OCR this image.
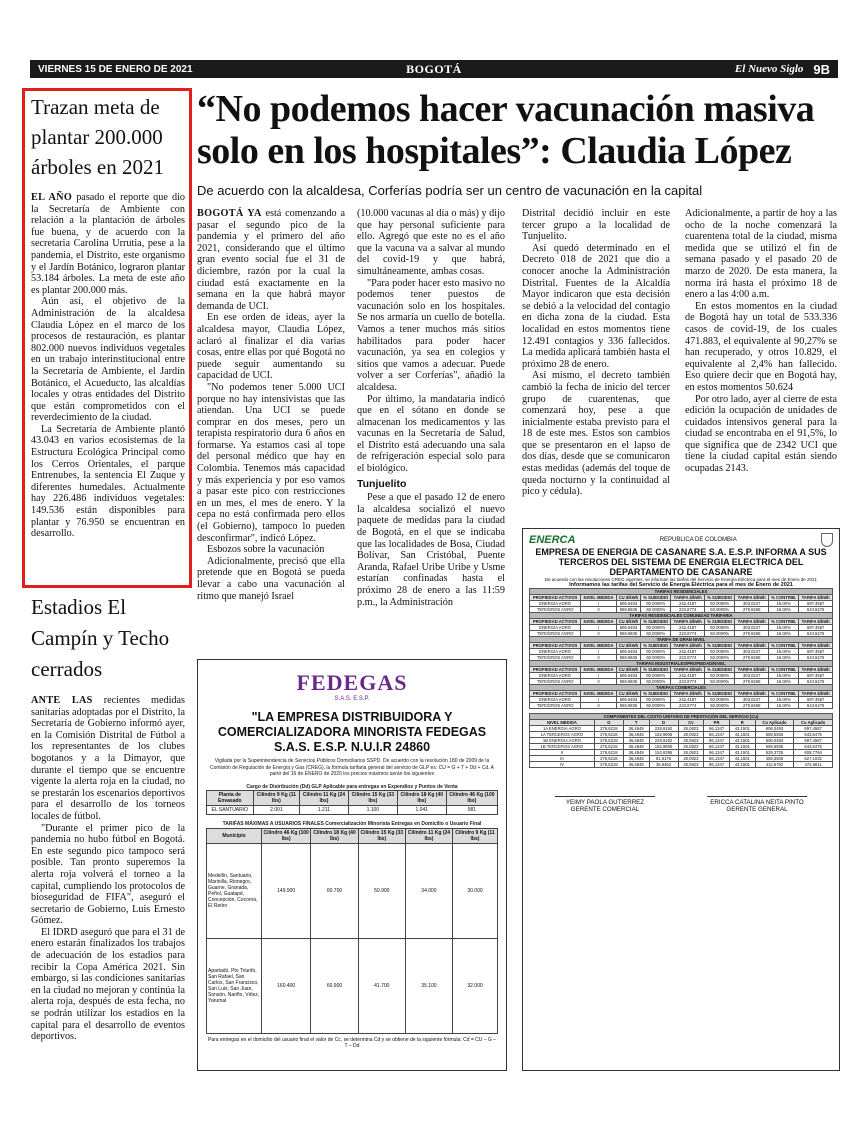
VIERNES 15 DE ENERO DE 2021	BOGOTÁ	El Nuevo Siglo 9B
Trazan meta de plantar 200.000 árboles en 2021

EL AÑO pasado el reporte que dio la Secretaría de Ambiente con relación a la plantación de árboles fue buena, y de acuerdo con la secretaria Carolina Urrutia, pese a la pandemia, el Distrito, este organismo y el Jardín Botánico, lograron plantar 53.184 árboles. La meta de este año es plantar 200.000 más.

Aún así, el objetivo de la Administración de la alcaldesa Claudia López en el marco de los procesos de restauración, es plantar 802.000 nuevos individuos vegetales en un trabajo interinstitucional entre la Secretaría de Ambiente, el Jardín Botánico, el Acueducto, las alcaldías locales y otras entidades del Distrito que están comprometidos con el reverdecimiento de la ciudad.

La Secretaría de Ambiente plantó 43.043 en varios ecosistemas de la Estructura Ecológica Principal como los Cerros Orientales, el parque Entrenubes, la sentencia El Zuque y diferentes humedales. Actualmente hay 226.486 individuos vegetales: 149.536 están disponibles para plantar y 76.950 se encuentran en desarrollo.

Estadios El Campín y Techo cerrados

ANTE LAS recientes medidas sanitarias adoptadas por el Distrito, la Secretaría de Gobierno informó ayer, en la Comisión Distrital de Fútbol a los representantes de los clubes bogotanos y a la Dimayor, que durante el tiempo que se encuentre vigente la alerta roja en la ciudad, no se prestarán los escenarios deportivos para el desarrollo de los torneos locales de fútbol.

"Durante el primer pico de la pandemia no hubo fútbol en Bogotá. En este segundo pico tampoco será posible. Tan pronto superemos la alerta roja volverá el torneo a la capital, cumpliendo los protocolos de bioseguridad de FIFA", aseguró el secretario de Gobierno, Luis Ernesto Gómez.

El IDRD aseguró que para el 31 de enero estarán finalizados los trabajos de adecuación de los estadios para recibir la Copa América 2021. Sin embargo, si las condiciones sanitarias en la ciudad no mejoran y continúa la alerta roja, después de esta fecha, no se podrán utilizar los estadios en la capital para el desarrollo de eventos deportivos.

“No podemos hacer vacunación masiva solo en los hospitales”: Claudia López
De acuerdo con la alcaldesa, Corferías podría ser un centro de vacunación en la capital

BOGOTÁ YA está comenzando a pasar el segundo pico de la pandemia y el primero del año 2021, considerando que el último gran evento social fue el 31 de diciembre, razón por la cual la ciudad está exactamente en la semana en la que habrá mayor demanda de UCI.

En ese orden de ideas, ayer la alcaldesa mayor, Claudia López, aclaró al finalizar el día varias cosas, entre ellas por qué Bogotá no puede seguir aumentando su capacidad de UCI.

"No podemos tener 5.000 UCI porque no hay intensivistas que las atiendan. Una UCI se puede comprar en dos meses, pero un terapista respiratorio dura 6 años en formarse. Ya estamos casi al tope del personal médico que hay en Colombia. Tenemos más capacidad y más experiencia y por eso vamos a pasar este pico con restricciones en un mes, el mes de enero. Y la cepa no está confirmada pero ellos (el Gobierno), tampoco lo pueden desconfirmar", indicó López.

Esbozos sobre la vacunación

Adicionalmente, precisó que ella pretende que en Bogotá se pueda llevar a cabo una vacunación al ritmo que manejó Israel

(10.000 vacunas al día o más) y dijo que hay personal suficiente para ello. Agregó que este no es el año que la vacuna va a salvar al mundo del covid-19 y que habrá, simultáneamente, ambas cosas.

"Para poder hacer esto masivo no podemos tener puestos de vacunación solo en los hospitales. Se nos armaría un cuello de botella. Vamos a tener muchos más sitios habilitados para poder hacer vacunación, ya sea en colegios y sitios que vamos a adecuar. Puede volver a ser Corferías", añadió la alcaldesa.

Por último, la mandataria indicó que en el sótano en donde se almacenan los medicamentos y las vacunas en la Secretaría de Salud, el Distrito está adecuando una sala de refrigeración especial solo para el biológico.

Tunjuelito

Pese a que el pasado 12 de enero la alcaldesa socializó el nuevo paquete de medidas para la ciudad de Bogotá, en el que se indicaba que las localidades de Bosa, Ciudad Bolívar, San Cristóbal, Puente Aranda, Rafael Uribe Uribe y Usme estarían confinadas hasta el próximo 28 de enero a las 11:59 p.m., la Administración

Distrital decidió incluir en este tercer grupo a la localidad de Tunjuelito.

Así quedó determinado en el Decreto 018 de 2021 que dio a conocer anoche la Administración Distrital. Fuentes de la Alcaldía Mayor indicaron que esta decisión se debió a la velocidad del contagio en dicha zona de la ciudad. Esta localidad en estos momentos tiene 12.491 contagios y 336 fallecidos. La medida aplicará también hasta el próximo 28 de enero.

Así mismo, el decreto también cambió la fecha de inicio del tercer grupo de cuarentenas, que comenzará hoy, pese a que inicialmente estaba previsto para el 18 de este mes. Estos son cambios que se presentaron en el lapso de dos días, desde que se comunicaron estas medidas (además del toque de queda nocturno y la continuidad al pico y cédula).

Adicionalmente, a partir de hoy a las ocho de la noche comenzará la cuarentena total de la ciudad, misma medida que se utilizó el fin de semana pasado y el pasado 20 de marzo de 2020. De esta manera, la norma irá hasta el próximo 18 de enero a las 4:00 a.m.

En estos momentos en la ciudad de Bogotá hay un total de 533.336 casos de covid-19, de los cuales 471.883, el equivalente al 90,27% se han recuperado, y otros 10.829, el equivalente al 2,4% han fallecido. Eso quiere decir que en Bogotá hay, en estos momentos 50.624

Por otro lado, ayer al cierre de esta edición la ocupación de unidades de cuidados intensivos general para la ciudad se encontraba en el 91,5%, lo que significa que de 2342 UCI que tiene la ciudad capital están siendo ocupadas 2143.

FEDEGAS
S.A.S. E.S.P.
"LA EMPRESA DISTRIBUIDORA Y COMERCIALIZADORA MINORISTA FEDEGAS S.A.S. E.S.P. N.U.I.R 24860
Vigilada por la Superintendencia de Servicios Públicos Domiciliarios SSPD. De acuerdo con la resolución 180 de 2009 de la Comisión de Regulación de Energía y Gas (CREG), la fórmula tarifaria general del servicio de GLP es: CU = G + T + Dd + Cd. A partir del 16 de ENERO de 2020 los precios máximos serán los siguientes
Cargo de Distribución (Dd) GLP Aplicable para entregas en Expendios y Puntos de Venta
Planta de Envasado	Cilindro 9 Kg (11 lbs)	Cilindro 11 Kg (24 lbs)	Cilindro 15 Kg (33 lbs)	Cilindro 18 Kg (40 lbs)	Cilindro 46 Kg (100 lbs)
EL SANTUARIO	2.001	1.211	1.100	1.041	981
TARIFAS MÁXIMAS A USUARIOS FINALES Comercialización Minorista Entregas en Domicilio o Usuario Final
Municipio	Cilindro 46 Kg (100 lbs)	Cilindro 18 Kg (40 lbs)	Cilindro 15 Kg (33 lbs)	Cilindro 11 Kg (24 lbs)	Cilindro 9 Kg (11 lbs)
Medellín, Santuario, Marinilla, Rionegro, Guarne, Granada, Peñol, Guatapé, Concepción, Cocorná, El Retiro	149.900	60.700	50.900	34.000	30.000
Apartadó, Pto Triunfo, San Rafael, San Carlos, San Francisco, San Luis, San Juan, Sonsón, Nariño, Vélez, Yarumal	160.400	60.900	41.700	35.100	32.000
Para entregas en el domicilio del usuario final el valor de Cc, se determina Cd y se obtiene de la siguiente fórmula: Cd = CU – G – T – Dd
ENERCA	REPUBLICA DE COLOMBIA
EMPRESA DE ENERGIA DE CASANARE S.A. E.S.P. INFORMA A SUS TERCEROS DEL SISTEMA DE ENERGIA ELECTRICA DEL DEPARTAMENTO DE CASANARE
De acuerdo con las resoluciones CREG vigentes, se informan las tarifas del Servicio de Energía Eléctrica para el mes de Enero de 2021
Informamos las tarifas del Servicio de Energía Eléctrica para el mes de Enero de 2021
TARIFAS RESIDENCIALES								
PROPIEDAD ACTIVOS	NIVEL MEDIDA	CU $/kWh	% SUBSIDIO	TARIFA $/kWh	% SUBSIDIO	TARIFA $/kWh	% CONTRIB.	TARIFA $/kWh
ENERGIA AGRO	I	606.0493	60.0000%	242.4197	50.0000%	303.0247	15.00%	697.4567
TERCEROS AGRO	II	559.6935	60.0000%	223.8774	50.0000%	279.8468	15.00%	643.6475
TARIFAS RESIDENCIALES COMUNIDAD TARIFARIA								
PROPIEDAD ACTIVOS	NIVEL MEDIDA	CU $/kWh	% SUBSIDIO	TARIFA $/kWh	% SUBSIDIO	TARIFA $/kWh	% CONTRIB.	TARIFA $/kWh
ENERGIA AGRO	I	606.0493	60.0000%	242.4197	50.0000%	303.0247	15.00%	697.4567
TERCEROS AGRO	II	559.6935	60.0000%	223.8774	50.0000%	279.8468	15.00%	643.6475
TARIFA DE GRAN NIVEL								
PROPIEDAD ACTIVOS	NIVEL MEDIDA	CU $/kWh	% SUBSIDIO	TARIFA $/kWh	% SUBSIDIO	TARIFA $/kWh	% CONTRIB.	TARIFA $/kWh
ENERGIA AGRO	I	606.0493	60.0000%	242.4197	50.0000%	303.0247	15.00%	697.4567
TERCEROS AGRO	II	559.6935	60.0000%	223.8774	50.0000%	279.8468	15.00%	643.6475
TARIFAS INDUSTRIALES/PROPIEDAD/NIVEL								
PROPIEDAD ACTIVOS	NIVEL MEDIDA	CU $/kWh	% SUBSIDIO	TARIFA $/kWh	% SUBSIDIO	TARIFA $/kWh	% CONTRIB.	TARIFA $/kWh
ENERGIA AGRO	I	606.0493	60.0000%	242.4197	50.0000%	303.0247	15.00%	697.4567
TERCEROS AGRO	II	559.6935	60.0000%	223.8774	50.0000%	279.8468	15.00%	643.6475
TARIFAS COMERCIALES								
PROPIEDAD ACTIVOS	NIVEL MEDIDA	CU $/kWh	% SUBSIDIO	TARIFA $/kWh	% SUBSIDIO	TARIFA $/kWh	% CONTRIB.	TARIFA $/kWh
ENERGIA AGRO	I	606.0493	60.0000%	242.4197	50.0000%	303.0247	15.00%	697.4567
TERCEROS AGRO	II	559.6935	60.0000%	223.8774	50.0000%	279.8468	15.00%	643.6475
COMPONENTES DEL COSTO UNITARIO DE PRESTACIÓN DEL SERVICIO (Cu)								
NIVEL MEDIDA	G	T	D	Cv	PR	R	Cu Aplicado	Cu Aplicado
1A ENERGIA AGRO	276,6218	36,4848	228,9162	26,0823	86,1347	43,1501	606,0493	697,4567
1A TERCEROS AGRO	276,6218	36,4848	182,9605	26,0823	86,1347	43,1501	559,6935	643,6475
1B ENERGIA AGRO	276,6218	36,4848	228,9162	26,0823	86,1347	43,1501	606,0493	697,4567
1B TERCEROS AGRO	276,6218	36,4848	182,9605	26,0823	86,1347	43,1501	559,6935	643,6475
II	276,6218	36,4848	152,6395	26,0823	86,1347	43,1501	529,3725	608,7784
III	276,6218	36,4848	81,6176	26,0823	86,1347	43,1501	458,3506	527,1032
IV	276,6218	36,4848	35,9462	26,0823	86,1347	43,1501	412,6792	474,5811
YEIMY PAOLA GUTIERREZ
GERENTE COMERCIAL
ERICCA CATALINA NEITA PINTO
GERENTE GENERAL
